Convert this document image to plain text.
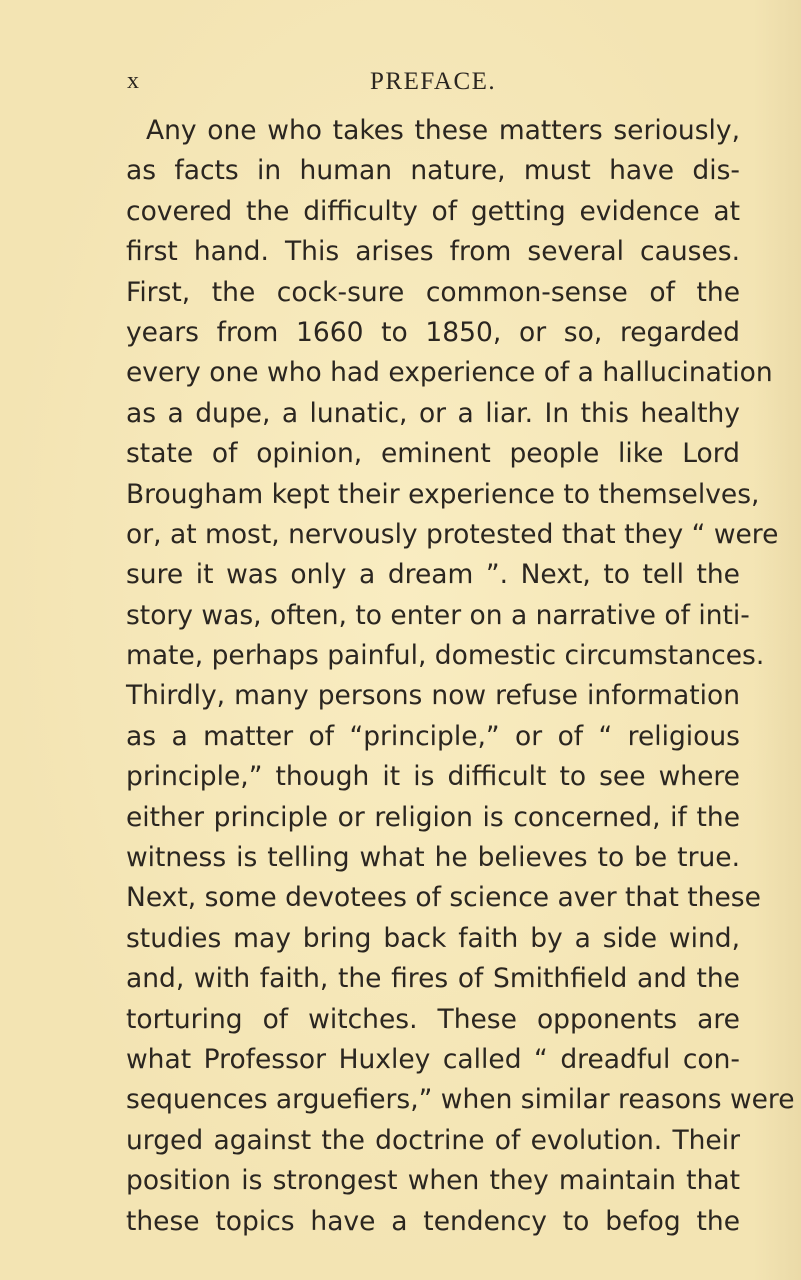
x	PREFACE.
Any one who takes these matters seriously,
as facts in human nature, must have dis-
covered the difficulty of getting evidence at
first hand. This arises from several causes.
First, the cock-sure common-sense of the
years from 1660 to 1850, or so, regarded
every one who had experience of a hallucination
as a dupe, a lunatic, or a liar. In this healthy
state of opinion, eminent people like Lord
Brougham kept their experience to themselves,
or, at most, nervously protested that they “ were
sure it was only a dream ”. Next, to tell the
story was, often, to enter on a narrative of inti-
mate, perhaps painful, domestic circumstances.
Thirdly, many persons now refuse information
as a matter of “principle,” or of “ religious
principle,” though it is difficult to see where
either principle or religion is concerned, if the
witness is telling what he believes to be true.
Next, some devotees of science aver that these
studies may bring back faith by a side wind,
and, with faith, the fires of Smithfield and the
torturing of witches. These opponents are
what Professor Huxley called “ dreadful con-
sequences arguefiers,” when similar reasons were
urged against the doctrine of evolution. Their
position is strongest when they maintain that
these topics have a tendency to befog the
